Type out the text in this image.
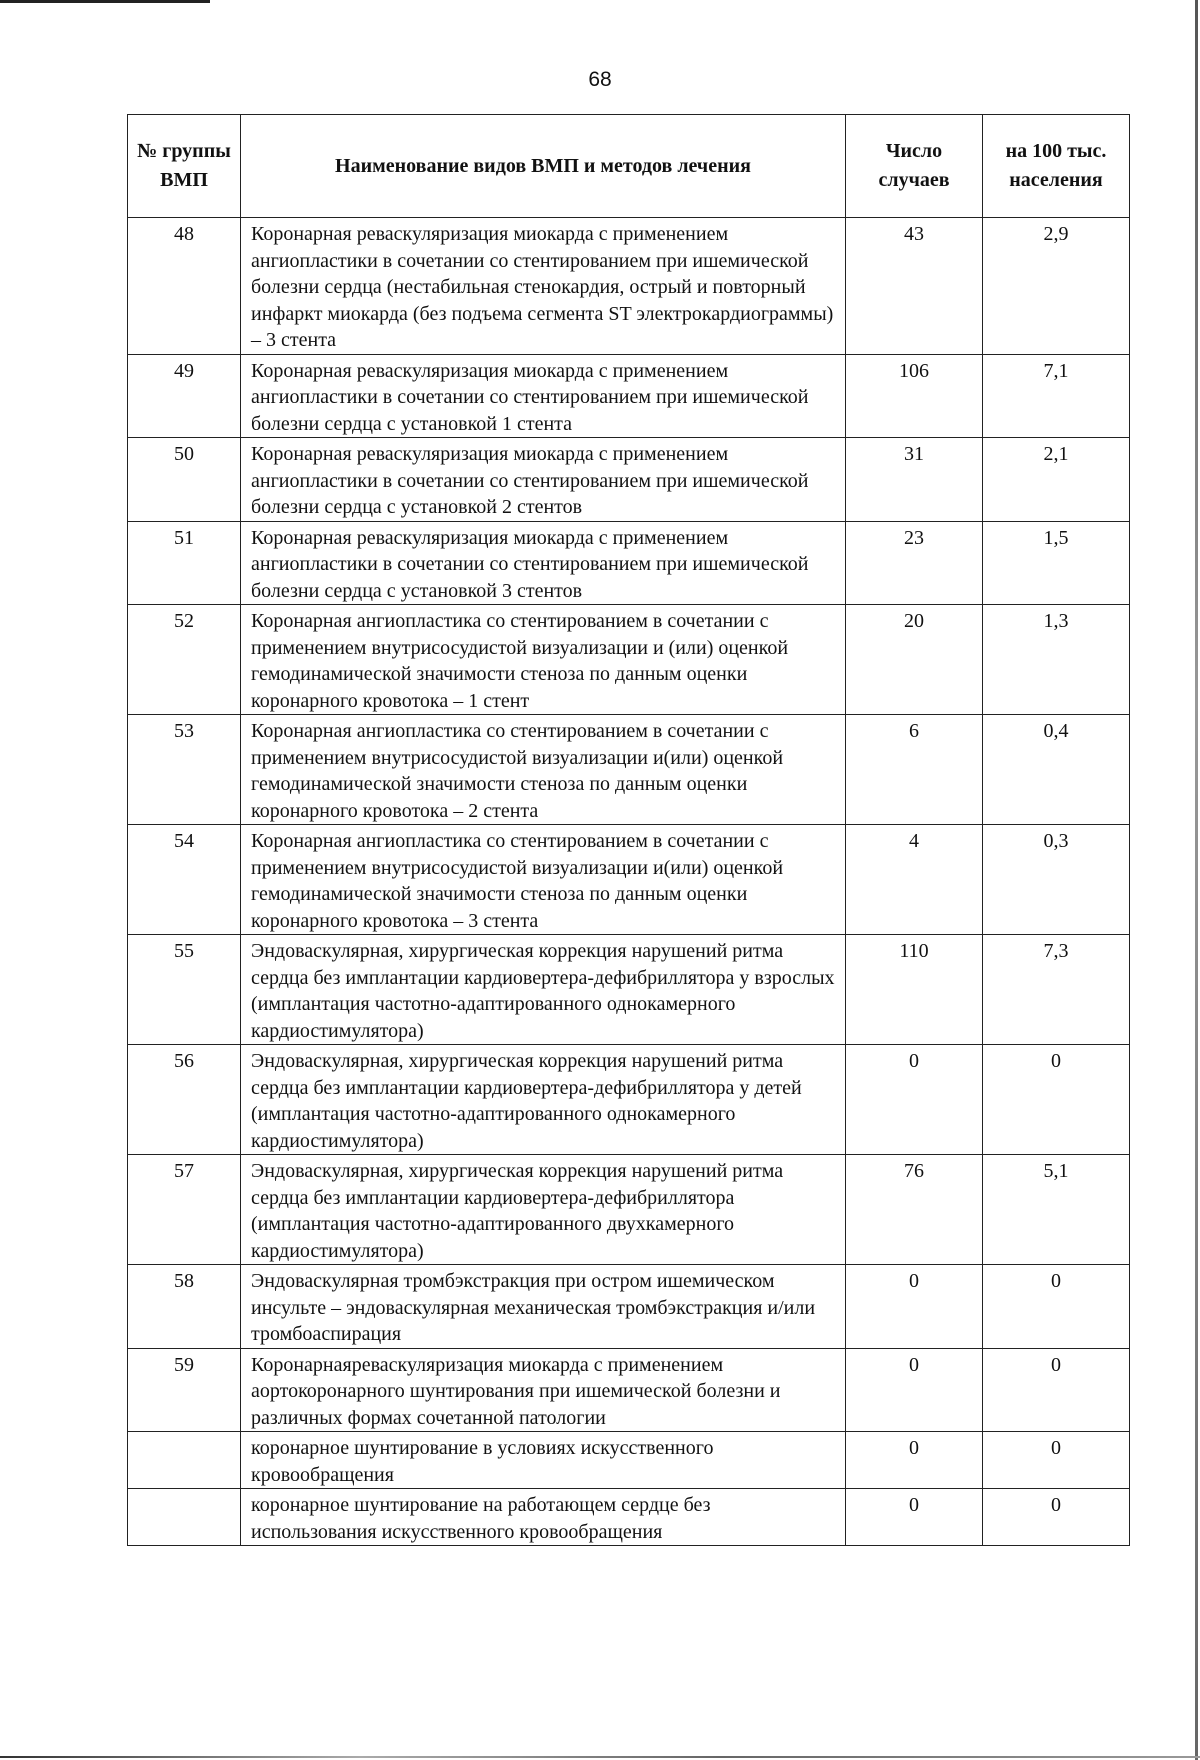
68
№ группы ВМП	Наименование видов ВМП и методов лечения	Число случаев	на 100 тыс. населения
48	Коронарная реваскуляризация миокарда с применением ангиопластики в сочетании со стентированием при ишемической болезни сердца (нестабильная стенокардия, острый и повторный инфаркт миокарда (без подъема сегмента ST электрокардиограммы) – 3 стента	43	2,9
49	Коронарная реваскуляризация миокарда с применением ангиопластики в сочетании со стентированием при ишемической болезни сердца с установкой 1 стента	106	7,1
50	Коронарная реваскуляризация миокарда с применением ангиопластики в сочетании со стентированием при ишемической болезни сердца с установкой 2 стентов	31	2,1
51	Коронарная реваскуляризация миокарда с применением ангиопластики в сочетании со стентированием при ишемической болезни сердца с установкой 3 стентов	23	1,5
52	Коронарная ангиопластика со стентированием в сочетании с применением внутрисосудистой визуализации и (или) оценкой гемодинамической значимости стеноза по данным оценки коронарного кровотока – 1 стент	20	1,3
53	Коронарная ангиопластика со стентированием в сочетании с применением внутрисосудистой визуализации и(или) оценкой гемодинамической значимости стеноза по данным оценки коронарного кровотока – 2 стента	6	0,4
54	Коронарная ангиопластика со стентированием в сочетании с применением внутрисосудистой визуализации и(или) оценкой гемодинамической значимости стеноза по данным оценки коронарного кровотока – 3 стента	4	0,3
55	Эндоваскулярная, хирургическая коррекция нарушений ритма сердца без имплантации кардиовертера-дефибриллятора у взрослых (имплантация частотно-адаптированного однокамерного кардиостимулятора)	110	7,3
56	Эндоваскулярная, хирургическая коррекция нарушений ритма сердца без имплантации кардиовертера-дефибриллятора у детей (имплантация частотно-адаптированного однокамерного кардиостимулятора)	0	0
57	Эндоваскулярная, хирургическая коррекция нарушений ритма сердца без имплантации кардиовертера-дефибриллятора (имплантация частотно-адаптированного двухкамерного кардиостимулятора)	76	5,1
58	Эндоваскулярная тромбэкстракция при остром ишемическом инсульте – эндоваскулярная механическая тромбэкстракция и/или тромбоаспирация	0	0
59	Коронарнаяреваскуляризация миокарда с применением аортокоронарного шунтирования при ишемической болезни и различных формах сочетанной патологии	0	0
	коронарное шунтирование в условиях искусственного кровообращения	0	0
	коронарное шунтирование на работающем сердце без использования искусственного кровообращения	0	0
